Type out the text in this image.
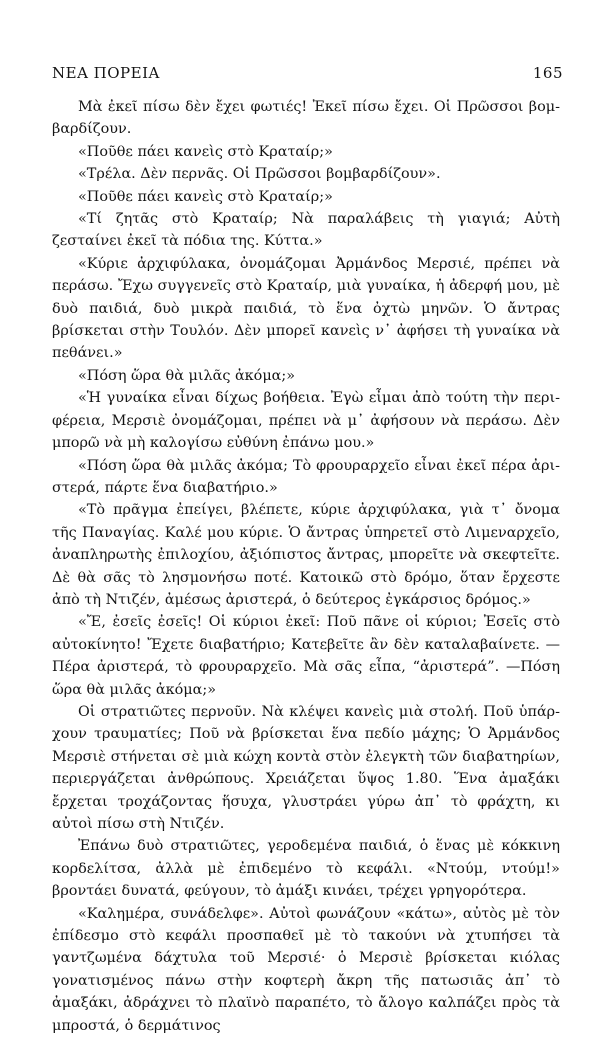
ΝΕΑ ΠΟΡΕΙΑ	165

Μὰ ἐκεῖ πίσω δὲν ἔχει φωτιές! Ἐκεῖ πίσω ἔχει. Οἱ Πρῶσσοι βομβαρδίζουν.

«Ποῦθε πάει κανεὶς στὸ Κραταίρ;»

«Τρέλα. Δὲν περνᾶς. Οἱ Πρῶσσοι βομβαρδίζουν».

«Ποῦθε πάει κανεὶς στὸ Κραταίρ;»

«Τί ζητᾶς στὸ Κραταίρ; Νὰ παραλάβεις τὴ γιαγιά; Αὐτὴ ζεσταίνει ἐκεῖ τὰ πόδια της. Κύττα.»

«Κύριε ἀρχιφύλακα, ὀνομάζομαι Ἀρμάνδος Μερσιέ, πρέπει νὰ περάσω. Ἔχω συγγενεῖς στὸ Κραταίρ, μιὰ γυναίκα, ἡ ἀδερφή μου, μὲ δυὸ παιδιά, δυὸ μικρὰ παιδιά, τὸ ἕνα ὀχτὼ μηνῶν. Ὁ ἄντρας βρίσκεται στὴν Τουλόν. Δὲν μπορεῖ κανεὶς ν᾿ ἀφήσει τὴ γυναίκα νὰ πεθάνει.»

«Πόση ὥρα θὰ μιλᾶς ἀκόμα;»

«Ἡ γυναίκα εἶναι δίχως βοήθεια. Ἐγὼ εἶμαι ἀπὸ τούτη τὴν περιφέρεια, Μερσιὲ ὀνομάζομαι, πρέπει νὰ μ᾿ ἀφήσουν νὰ περάσω. Δὲν μπορῶ νὰ μὴ καλογίσω εὐθύνη ἐπάνω μου.»

«Πόση ὥρα θὰ μιλᾶς ἀκόμα; Τὸ φρουραρχεῖο εἶναι ἐκεῖ πέρα ἀριστερά, πάρτε ἕνα διαβατήριο.»

«Τὸ πρᾶγμα ἐπείγει, βλέπετε, κύριε ἀρχιφύλακα, γιὰ τ᾿ ὄνομα τῆς Παναγίας. Καλέ μου κύριε. Ὁ ἄντρας ὑπηρετεῖ στὸ Λιμεναρχεῖο, ἀναπληρωτὴς ἐπιλοχίου, ἀξιόπιστος ἄντρας, μπορεῖτε νὰ σκεφτεῖτε. Δὲ θὰ σᾶς τὸ λησμονήσω ποτέ. Κατοικῶ στὸ δρόμο, ὅταν ἔρχεστε ἀπὸ τὴ Ντιζέν, ἀμέσως ἀριστερά, ὁ δεύτερος ἐγκάρσιος δρόμος.»

«Ἔ, ἐσεῖς ἐσεῖς! Οἱ κύριοι ἐκεῖ: Ποῦ πᾶνε οἱ κύριοι; Ἐσεῖς στὸ αὐτοκίνητο! Ἔχετε διαβατήριο; Κατεβεῖτε ἂν δὲν καταλαβαίνετε. —Πέρα ἀριστερά, τὸ φρουραρχεῖο. Μὰ σᾶς εἶπα, “ἀριστερά”. —Πόση ὥρα θὰ μιλᾶς ἀκόμα;»

Οἱ στρατιῶτες περνοῦν. Νὰ κλέψει κανεὶς μιὰ στολή. Ποῦ ὑπάρχουν τραυματίες; Ποῦ νὰ βρίσκεται ἕνα πεδίο μάχης; Ὁ Ἀρμάνδος Μερσιὲ στήνεται σὲ μιὰ κώχη κοντὰ στὸν ἐλεγκτὴ τῶν διαβατηρίων, περιεργάζεται ἀνθρώπους. Χρειάζεται ὕψος 1.80. Ἕνα ἀμαξάκι ἔρχεται τροχάζοντας ἥσυχα, γλυστράει γύρω ἀπ᾿ τὸ φράχτη, κι αὐτοὶ πίσω στὴ Ντιζέν.

Ἐπάνω δυὸ στρατιῶτες, γεροδεμένα παιδιά, ὁ ἕνας μὲ κόκκινη κορδελίτσα, ἀλλὰ μὲ ἐπιδεμένο τὸ κεφάλι. «Ντούμ, ντούμ!» βροντάει δυνατά, φεύγουν, τὸ ἀμάξι κινάει, τρέχει γρηγορότερα.

«Καλημέρα, συνάδελφε». Αὐτοὶ φωνάζουν «κάτω», αὐτὸς μὲ τὸν ἐπίδεσμο στὸ κεφάλι προσπαθεῖ μὲ τὸ τακούνι νὰ χτυπήσει τὰ γαντζωμένα δάχτυλα τοῦ Μερσιέ· ὁ Μερσιὲ βρίσκεται κιόλας γονατισμένος πάνω στὴν κοφτερὴ ἄκρη τῆς πατωσιᾶς ἀπ᾿ τὸ ἀμαξάκι, ἀδράχνει τὸ πλαϊνὸ παραπέτο, τὸ ἄλογο καλπάζει πρὸς τὰ μπροστά, ὁ δερμάτινος
